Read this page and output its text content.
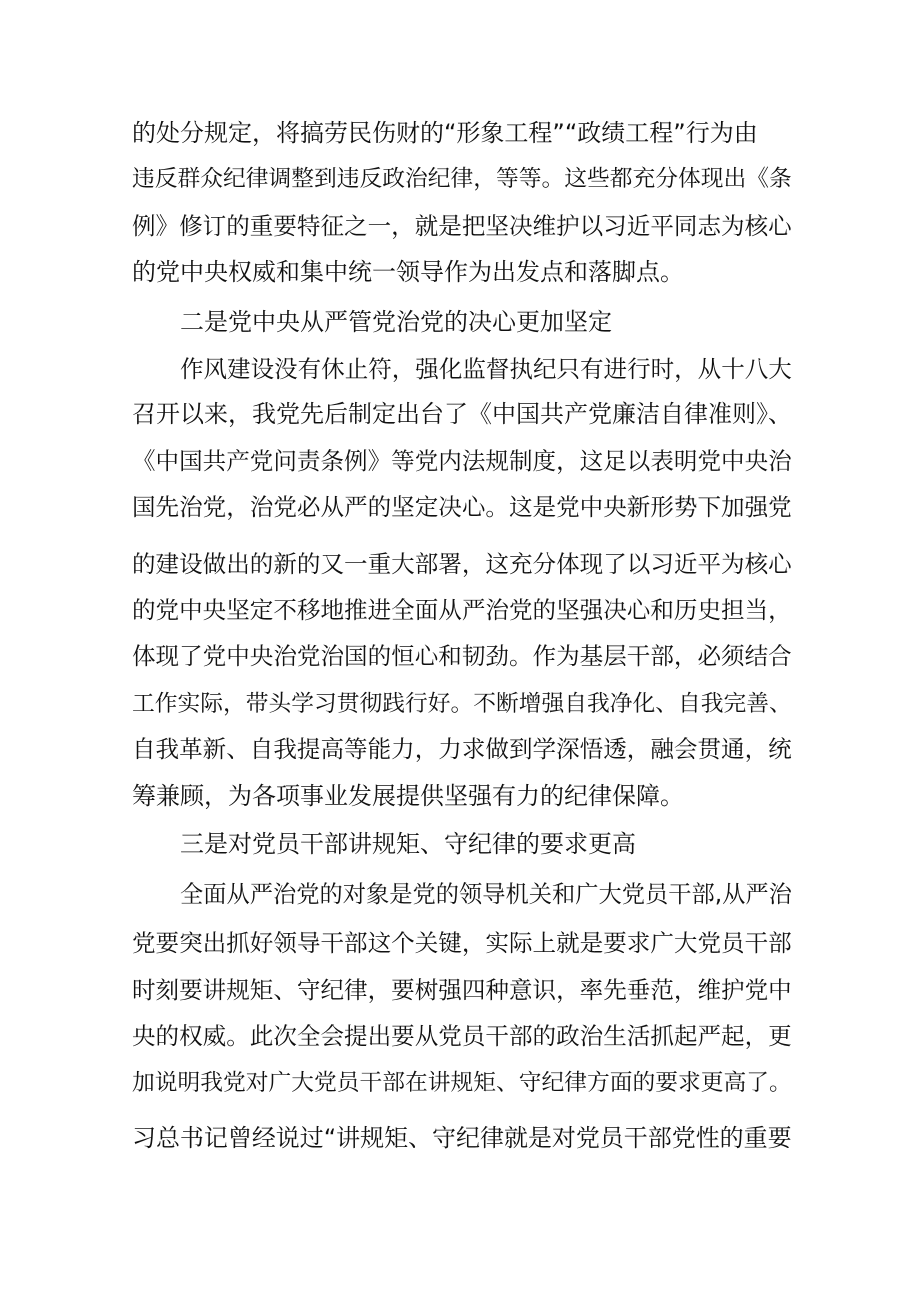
的处分规定，将搞劳民伤财的“形象工程”“政绩工程”行为由
违反群众纪律调整到违反政治纪律，等等。这些都充分体现出《条
例》修订的重要特征之一，就是把坚决维护以习近平同志为核心
的党中央权威和集中统一领导作为出发点和落脚点。
二是党中央从严管党治党的决心更加坚定
作风建设没有休止符，强化监督执纪只有进行时，从十八大
召开以来，我党先后制定出台了《中国共产党廉洁自律准则》、
《中国共产党问责条例》等党内法规制度，这足以表明党中央治
国先治党，治党必从严的坚定决心。这是党中央新形势下加强党
的建设做出的新的又一重大部署，这充分体现了以习近平为核心
的党中央坚定不移地推进全面从严治党的坚强决心和历史担当，
体现了党中央治党治国的恒心和韧劲。作为基层干部，必须结合
工作实际，带头学习贯彻践行好。不断增强自我净化、自我完善、
自我革新、自我提高等能力，力求做到学深悟透，融会贯通，统
筹兼顾，为各项事业发展提供坚强有力的纪律保障。
三是对党员干部讲规矩、守纪律的要求更高
全面从严治党的对象是党的领导机关和广大党员干部,从严治
党要突出抓好领导干部这个关键，实际上就是要求广大党员干部
时刻要讲规矩、守纪律，要树强四种意识，率先垂范，维护党中
央的权威。此次全会提出要从党员干部的政治生活抓起严起，更
加说明我党对广大党员干部在讲规矩、守纪律方面的要求更高了。
习总书记曾经说过“讲规矩、守纪律就是对党员干部党性的重要
